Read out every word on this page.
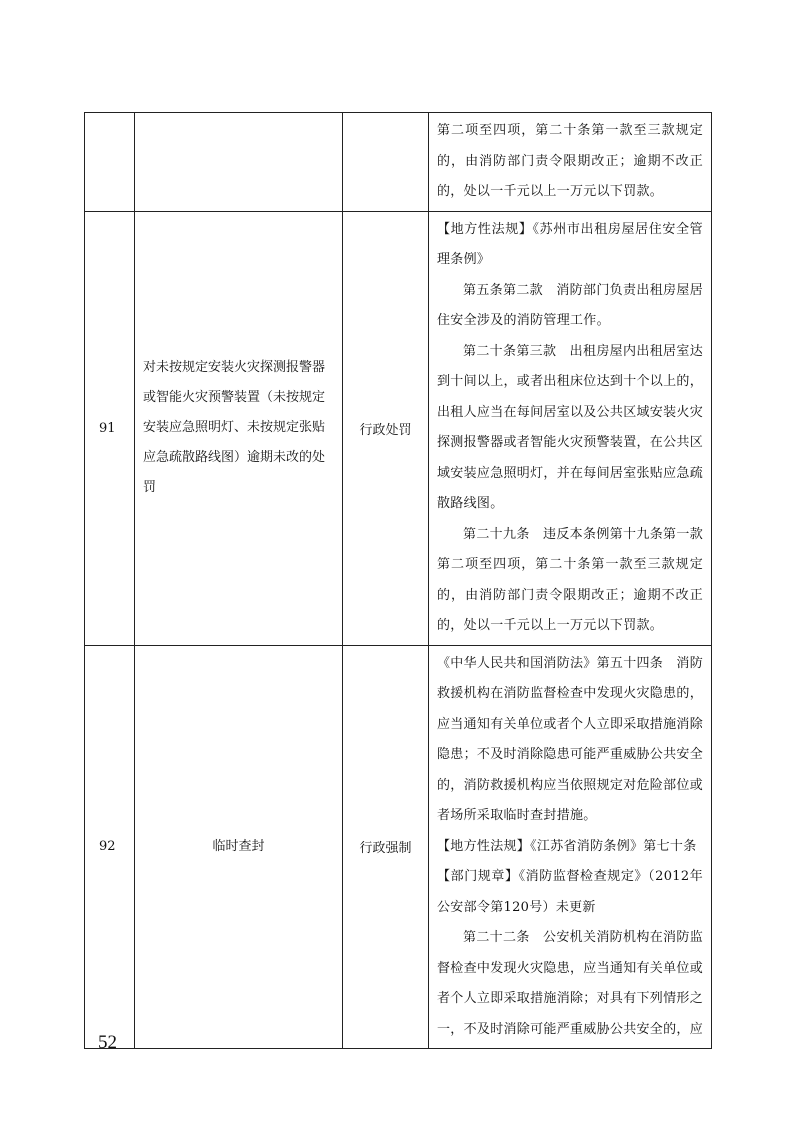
			第二项至四项，第二十条第一款至三款规定的，由消防部门责令限期改正；逾期不改正的，处以一千元以上一万元以下罚款。

91	对未按规定安装火灾探测报警器或智能火灾预警装置（未按规定安装应急照明灯、未按规定张贴应急疏散路线图）逾期未改的处罚	行政处罚	【地方性法规】《苏州市出租房屋居住安全管理条例》

第五条第二款　消防部门负责出租房屋居住安全涉及的消防管理工作。

第二十条第三款　出租房屋内出租居室达到十间以上，或者出租床位达到十个以上的，出租人应当在每间居室以及公共区域安装火灾探测报警器或者智能火灾预警装置，在公共区域安装应急照明灯，并在每间居室张贴应急疏散路线图。

第二十九条　违反本条例第十九条第一款第二项至四项，第二十条第一款至三款规定的，由消防部门责令限期改正；逾期不改正的，处以一千元以上一万元以下罚款。

92	临时查封	行政强制	《中华人民共和国消防法》第五十四条　消防救援机构在消防监督检查中发现火灾隐患的，应当通知有关单位或者个人立即采取措施消除隐患；不及时消除隐患可能严重威胁公共安全的，消防救援机构应当依照规定对危险部位或者场所采取临时查封措施。

【地方性法规】《江苏省消防条例》第七十条

【部门规章】《消防监督检查规定》（2012年公安部令第120号）未更新

第二十二条　公安机关消防机构在消防监督检查中发现火灾隐患，应当通知有关单位或者个人立即采取措施消除；对具有下列情形之一，不及时消除可能严重威胁公共安全的，应

52
